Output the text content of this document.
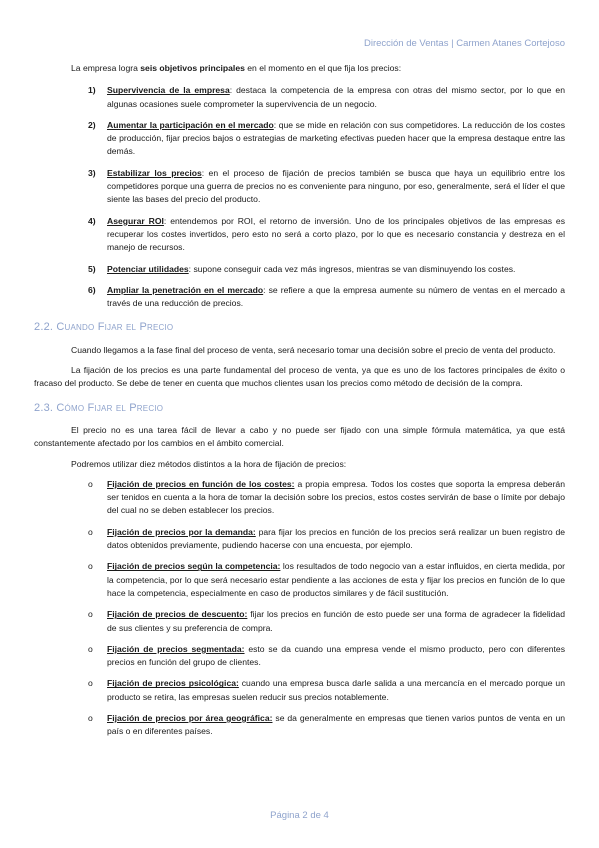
Dirección de Ventas | Carmen Atanes Cortejoso

La empresa logra seis objetivos principales en el momento en el que fija los precios:

1) Supervivencia de la empresa: destaca la competencia de la empresa con otras del mismo sector, por lo que en algunas ocasiones suele comprometer la supervivencia de un negocio.
2) Aumentar la participación en el mercado: que se mide en relación con sus competidores. La reducción de los costes de producción, fijar precios bajos o estrategias de marketing efectivas pueden hacer que la empresa destaque entre las demás.
3) Estabilizar los precios: en el proceso de fijación de precios también se busca que haya un equilibrio entre los competidores porque una guerra de precios no es conveniente para ninguno, por eso, generalmente, será el líder el que siente las bases del precio del producto.
4) Asegurar ROI: entendemos por ROI, el retorno de inversión. Uno de los principales objetivos de las empresas es recuperar los costes invertidos, pero esto no será a corto plazo, por lo que es necesario constancia y destreza en el manejo de recursos.
5) Potenciar utilidades: supone conseguir cada vez más ingresos, mientras se van disminuyendo los costes.
6) Ampliar la penetración en el mercado: se refiere a que la empresa aumente su número de ventas en el mercado a través de una reducción de precios.
2.2. Cuando Fijar el Precio

Cuando llegamos a la fase final del proceso de venta, será necesario tomar una decisión sobre el precio de venta del producto.

La fijación de los precios es una parte fundamental del proceso de venta, ya que es uno de los factores principales de éxito o fracaso del producto. Se debe de tener en cuenta que muchos clientes usan los precios como método de decisión de la compra.

2.3. Cómo Fijar el Precio

El precio no es una tarea fácil de llevar a cabo y no puede ser fijado con una simple fórmula matemática, ya que está constantemente afectado por los cambios en el ámbito comercial.

Podremos utilizar diez métodos distintos a la hora de fijación de precios:

o Fijación de precios en función de los costes: a propia empresa. Todos los costes que soporta la empresa deberán ser tenidos en cuenta a la hora de tomar la decisión sobre los precios, estos costes servirán de base o límite por debajo del cual no se deben establecer los precios.
o Fijación de precios por la demanda: para fijar los precios en función de los precios será realizar un buen registro de datos obtenidos previamente, pudiendo hacerse con una encuesta, por ejemplo.
o Fijación de precios según la competencia: los resultados de todo negocio van a estar influidos, en cierta medida, por la competencia, por lo que será necesario estar pendiente a las acciones de esta y fijar los precios en función de lo que hace la competencia, especialmente en caso de productos similares y de fácil sustitución.
o Fijación de precios de descuento: fijar los precios en función de esto puede ser una forma de agradecer la fidelidad de sus clientes y su preferencia de compra.
o Fijación de precios segmentada: esto se da cuando una empresa vende el mismo producto, pero con diferentes precios en función del grupo de clientes.
o Fijación de precios psicológica: cuando una empresa busca darle salida a una mercancía en el mercado porque un producto se retira, las empresas suelen reducir sus precios notablemente.
o Fijación de precios por área geográfica: se da generalmente en empresas que tienen varios puntos de venta en un país o en diferentes países.
Página 2 de 4
